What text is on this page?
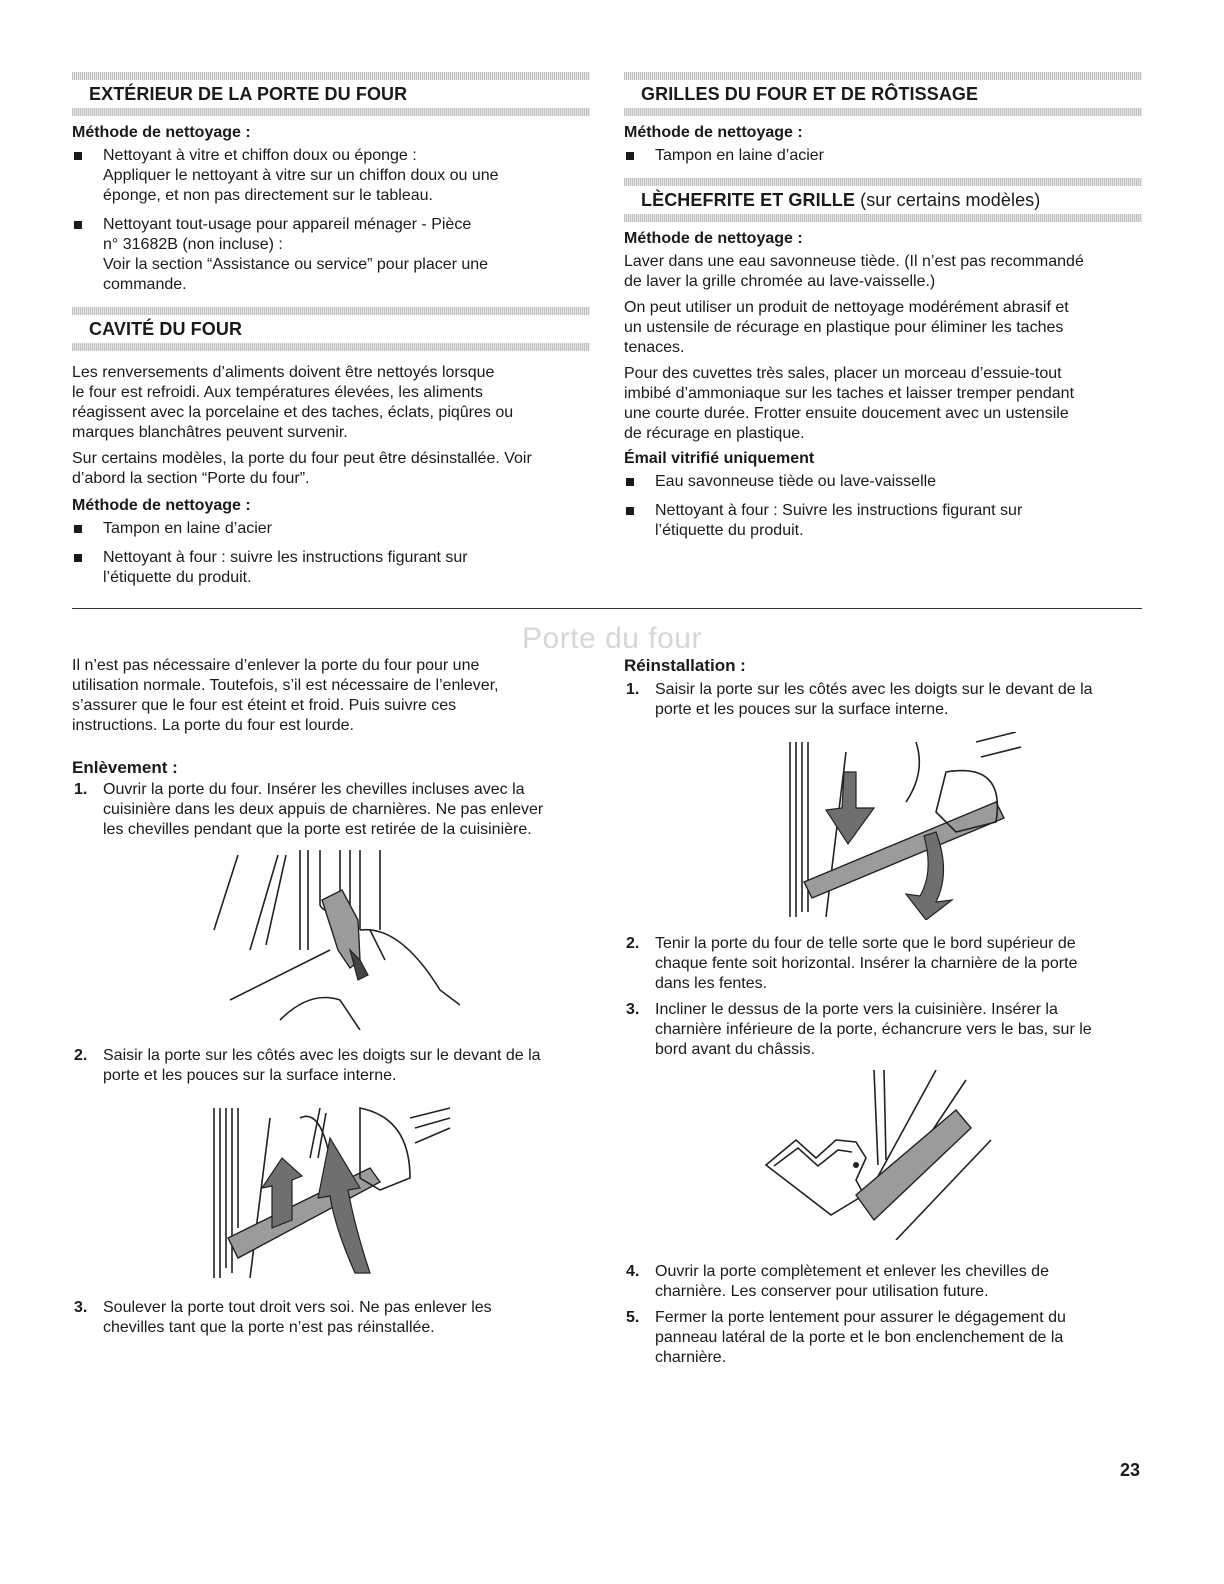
EXTÉRIEUR DE LA PORTE DU FOUR
Méthode de nettoyage :
Nettoyant à vitre et chiffon doux ou éponge :
Appliquer le nettoyant à vitre sur un chiffon doux ou une
éponge, et non pas directement sur le tableau.
Nettoyant tout-usage pour appareil ménager - Pièce
n° 31682B (non incluse) :
Voir la section “Assistance ou service” pour placer une
commande.
CAVITÉ DU FOUR

Les renversements d’aliments doivent être nettoyés lorsque
le four est refroidi. Aux températures élevées, les aliments
réagissent avec la porcelaine et des taches, éclats, piqûres ou
marques blanchâtres peuvent survenir.

Sur certains modèles, la porte du four peut être désinstallée. Voir
d’abord la section “Porte du four”.

Méthode de nettoyage :
Tampon en laine d’acier
Nettoyant à four : suivre les instructions figurant sur
l’étiquette du produit.
GRILLES DU FOUR ET DE RÔTISSAGE
Méthode de nettoyage :
Tampon en laine d’acier
LÈCHEFRITE ET GRILLE (sur certains modèles)
Méthode de nettoyage :

Laver dans une eau savonneuse tiède. (Il n’est pas recommandé
de laver la grille chromée au lave-vaisselle.)

On peut utiliser un produit de nettoyage modérément abrasif et
un ustensile de récurage en plastique pour éliminer les taches
tenaces.

Pour des cuvettes très sales, placer un morceau d’essuie-tout
imbibé d’ammoniaque sur les taches et laisser tremper pendant
une courte durée. Frotter ensuite doucement avec un ustensile
de récurage en plastique.

Émail vitrifié uniquement
Eau savonneuse tiède ou lave-vaisselle
Nettoyant à four : Suivre les instructions figurant sur
l’étiquette du produit.
Porte du four

Il n’est pas nécessaire d’enlever la porte du four pour une
utilisation normale. Toutefois, s’il est nécessaire de l’enlever,
s’assurer que le four est éteint et froid. Puis suivre ces
instructions. La porte du four est lourde.

Enlèvement :
1. Ouvrir la porte du four. Insérer les chevilles incluses avec la
cuisinière dans les deux appuis de charnières. Ne pas enlever
les chevilles pendant que la porte est retirée de la cuisinière.
2. Saisir la porte sur les côtés avec les doigts sur le devant de la
porte et les pouces sur la surface interne.
3. Soulever la porte tout droit vers soi. Ne pas enlever les
chevilles tant que la porte n’est pas réinstallée.
Réinstallation :
1. Saisir la porte sur les côtés avec les doigts sur le devant de la
porte et les pouces sur la surface interne.
2. Tenir la porte du four de telle sorte que le bord supérieur de
chaque fente soit horizontal. Insérer la charnière de la porte
dans les fentes.
3. Incliner le dessus de la porte vers la cuisinière. Insérer la
charnière inférieure de la porte, échancrure vers le bas, sur le
bord avant du châssis.
4. Ouvrir la porte complètement et enlever les chevilles de
charnière. Les conserver pour utilisation future.
5. Fermer la porte lentement pour assurer le dégagement du
panneau latéral de la porte et le bon enclenchement de la
charnière.
23
